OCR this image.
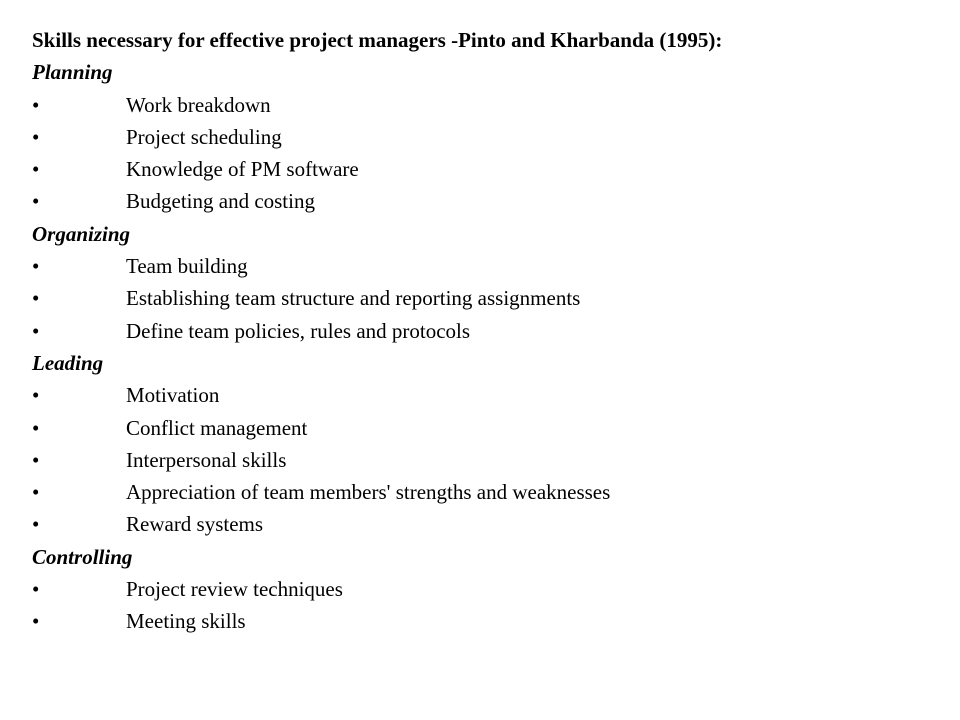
Skills necessary for effective project managers -Pinto and Kharbanda (1995):
Planning
•	Work breakdown
•	Project scheduling
•	Knowledge of PM software
•	Budgeting and costing
Organizing
•	Team building
•	Establishing team structure and reporting assignments
•	Define team policies, rules and protocols
Leading
•	Motivation
•	Conflict management
•	Interpersonal skills
•	Appreciation of team members' strengths and weaknesses
•	Reward systems
Controlling
•	Project review techniques
•	Meeting skills
